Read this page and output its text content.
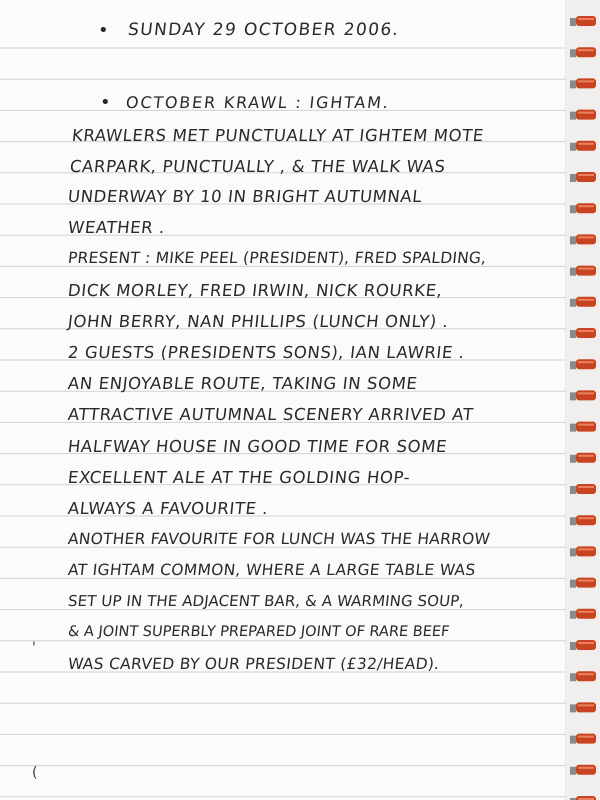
'
(
• SUNDAY 29 OCTOBER 2006.
• OCTOBER KRAWL : IGHTAM.
KRAWLERS MET PUNCTUALLY AT IGHTEM MOTE
CARPARK, PUNCTUALLY , & THE WALK WAS
UNDERWAY BY 10 IN BRIGHT AUTUMNAL
WEATHER .
PRESENT : MIKE PEEL (PRESIDENT), FRED SPALDING,
DICK MORLEY, FRED IRWIN, NICK ROURKE,
JOHN BERRY, NAN PHILLIPS (LUNCH ONLY) .
2 GUESTS (PRESIDENTS SONS), IAN LAWRIE .
AN ENJOYABLE ROUTE, TAKING IN SOME
ATTRACTIVE AUTUMNAL SCENERY ARRIVED AT
HALFWAY HOUSE IN GOOD TIME FOR SOME
EXCELLENT ALE AT THE GOLDING HOP-
ALWAYS A FAVOURITE .
ANOTHER FAVOURITE FOR LUNCH WAS THE HARROW
AT IGHTAM COMMON, WHERE A LARGE TABLE WAS
SET UP IN THE ADJACENT BAR, & A WARMING SOUP,
& A JOINT SUPERBLY PREPARED JOINT OF RARE BEEF
WAS CARVED BY OUR PRESIDENT (£32/HEAD).
